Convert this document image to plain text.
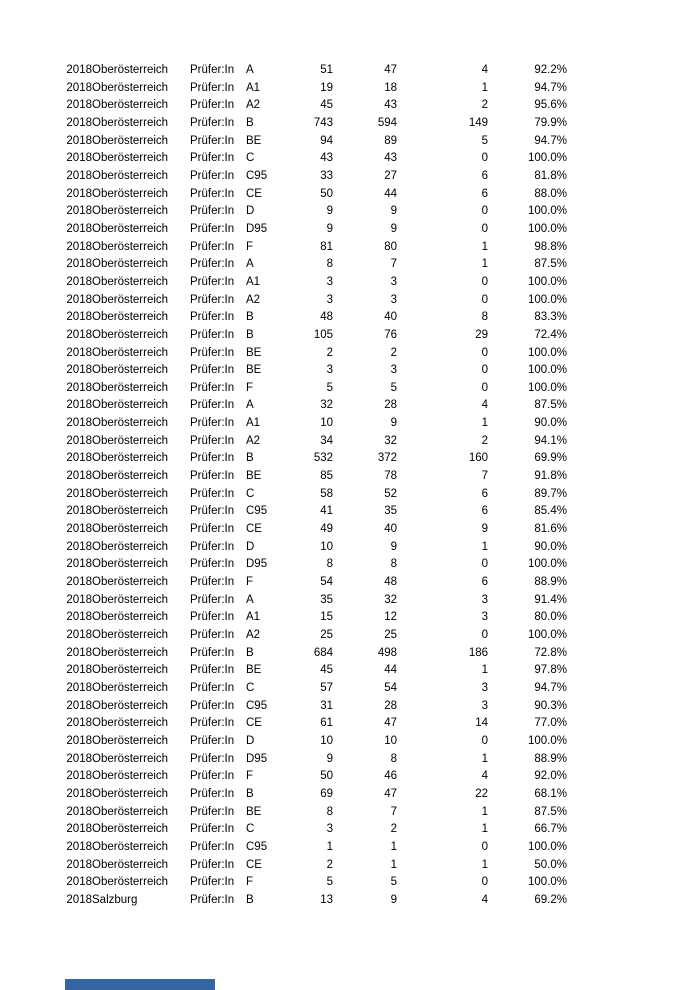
2018	Oberösterreich	Prüfer:In	A	51	47	4	92.2%
2018	Oberösterreich	Prüfer:In	A1	19	18	1	94.7%
2018	Oberösterreich	Prüfer:In	A2	45	43	2	95.6%
2018	Oberösterreich	Prüfer:In	B	743	594	149	79.9%
2018	Oberösterreich	Prüfer:In	BE	94	89	5	94.7%
2018	Oberösterreich	Prüfer:In	C	43	43	0	100.0%
2018	Oberösterreich	Prüfer:In	C95	33	27	6	81.8%
2018	Oberösterreich	Prüfer:In	CE	50	44	6	88.0%
2018	Oberösterreich	Prüfer:In	D	9	9	0	100.0%
2018	Oberösterreich	Prüfer:In	D95	9	9	0	100.0%
2018	Oberösterreich	Prüfer:In	F	81	80	1	98.8%
2018	Oberösterreich	Prüfer:In	A	8	7	1	87.5%
2018	Oberösterreich	Prüfer:In	A1	3	3	0	100.0%
2018	Oberösterreich	Prüfer:In	A2	3	3	0	100.0%
2018	Oberösterreich	Prüfer:In	B	48	40	8	83.3%
2018	Oberösterreich	Prüfer:In	B	105	76	29	72.4%
2018	Oberösterreich	Prüfer:In	BE	2	2	0	100.0%
2018	Oberösterreich	Prüfer:In	BE	3	3	0	100.0%
2018	Oberösterreich	Prüfer:In	F	5	5	0	100.0%
2018	Oberösterreich	Prüfer:In	A	32	28	4	87.5%
2018	Oberösterreich	Prüfer:In	A1	10	9	1	90.0%
2018	Oberösterreich	Prüfer:In	A2	34	32	2	94.1%
2018	Oberösterreich	Prüfer:In	B	532	372	160	69.9%
2018	Oberösterreich	Prüfer:In	BE	85	78	7	91.8%
2018	Oberösterreich	Prüfer:In	C	58	52	6	89.7%
2018	Oberösterreich	Prüfer:In	C95	41	35	6	85.4%
2018	Oberösterreich	Prüfer:In	CE	49	40	9	81.6%
2018	Oberösterreich	Prüfer:In	D	10	9	1	90.0%
2018	Oberösterreich	Prüfer:In	D95	8	8	0	100.0%
2018	Oberösterreich	Prüfer:In	F	54	48	6	88.9%
2018	Oberösterreich	Prüfer:In	A	35	32	3	91.4%
2018	Oberösterreich	Prüfer:In	A1	15	12	3	80.0%
2018	Oberösterreich	Prüfer:In	A2	25	25	0	100.0%
2018	Oberösterreich	Prüfer:In	B	684	498	186	72.8%
2018	Oberösterreich	Prüfer:In	BE	45	44	1	97.8%
2018	Oberösterreich	Prüfer:In	C	57	54	3	94.7%
2018	Oberösterreich	Prüfer:In	C95	31	28	3	90.3%
2018	Oberösterreich	Prüfer:In	CE	61	47	14	77.0%
2018	Oberösterreich	Prüfer:In	D	10	10	0	100.0%
2018	Oberösterreich	Prüfer:In	D95	9	8	1	88.9%
2018	Oberösterreich	Prüfer:In	F	50	46	4	92.0%
2018	Oberösterreich	Prüfer:In	B	69	47	22	68.1%
2018	Oberösterreich	Prüfer:In	BE	8	7	1	87.5%
2018	Oberösterreich	Prüfer:In	C	3	2	1	66.7%
2018	Oberösterreich	Prüfer:In	C95	1	1	0	100.0%
2018	Oberösterreich	Prüfer:In	CE	2	1	1	50.0%
2018	Oberösterreich	Prüfer:In	F	5	5	0	100.0%
2018	Salzburg	Prüfer:In	B	13	9	4	69.2%
